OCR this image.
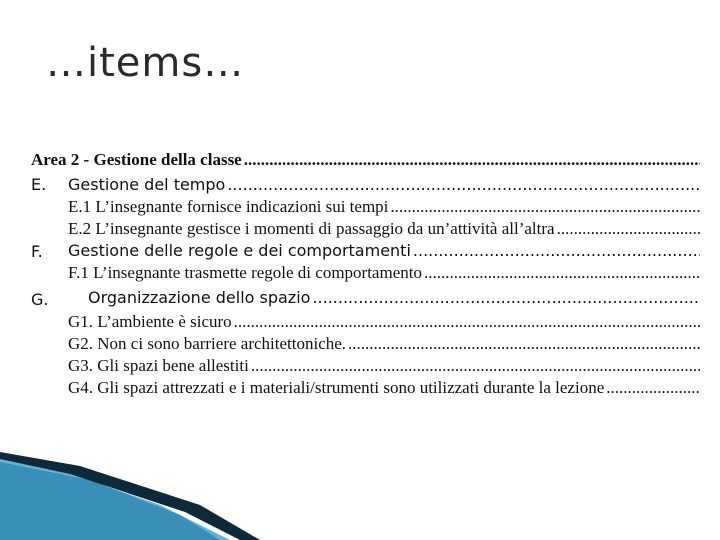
…items…
Area 2 - Gestione della classe
.....
E. Gestione del tempo
.....
E.1 L’insegnante fornisce indicazioni sui tempi
.....
E.2 L’insegnante gestisce i momenti di passaggio da un’attività all’altra
.....
F. Gestione delle regole e dei comportamenti
.....
F.1 L’insegnante trasmette regole di comportamento
.....
G. Organizzazione dello spazio
.....
G1. L’ambiente è sicuro
.....
G2. Non ci sono barriere architettoniche.
.....
G3. Gli spazi bene allestiti
.....
G4. Gli spazi attrezzati e i materiali/strumenti sono utilizzati durante la lezione
.....
